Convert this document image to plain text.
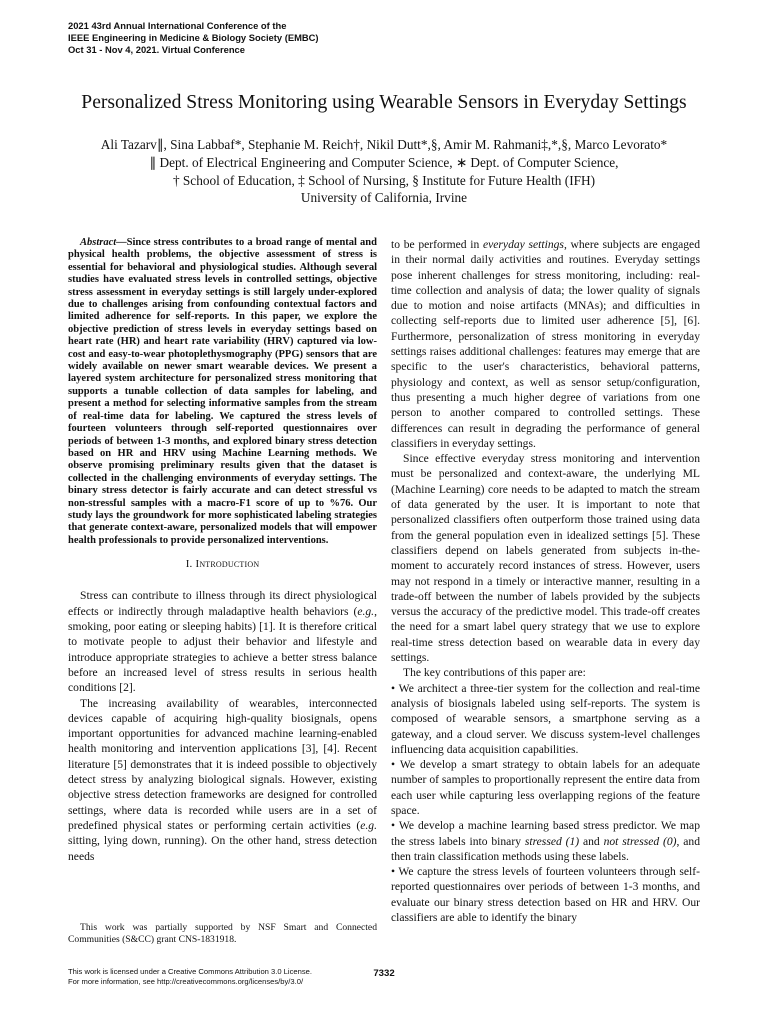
2021 43rd Annual International Conference of the
IEEE Engineering in Medicine & Biology Society (EMBC)
Oct 31 - Nov 4, 2021. Virtual Conference
Personalized Stress Monitoring using Wearable Sensors in Everyday Settings
Ali Tazarv∥, Sina Labbaf*, Stephanie M. Reich†, Nikil Dutt*,§, Amir M. Rahmani‡,*,§, Marco Levorato*
∥ Dept. of Electrical Engineering and Computer Science, ∗ Dept. of Computer Science,
† School of Education, ‡ School of Nursing, § Institute for Future Health (IFH)
University of California, Irvine

Abstract—Since stress contributes to a broad range of mental and physical health problems, the objective assessment of stress is essential for behavioral and physiological studies. Although several studies have evaluated stress levels in controlled settings, objective stress assessment in everyday settings is still largely under-explored due to challenges arising from confounding contextual factors and limited adherence for self-reports. In this paper, we explore the objective prediction of stress levels in everyday settings based on heart rate (HR) and heart rate variability (HRV) captured via low-cost and easy-to-wear photoplethysmography (PPG) sensors that are widely available on newer smart wearable devices. We present a layered system architecture for personalized stress monitoring that supports a tunable collection of data samples for labeling, and present a method for selecting informative samples from the stream of real-time data for labeling. We captured the stress levels of fourteen volunteers through self-reported questionnaires over periods of between 1-3 months, and explored binary stress detection based on HR and HRV using Machine Learning methods. We observe promising preliminary results given that the dataset is collected in the challenging environments of everyday settings. The binary stress detector is fairly accurate and can detect stressful vs non-stressful samples with a macro-F1 score of up to %76. Our study lays the groundwork for more sophisticated labeling strategies that generate context-aware, personalized models that will empower health professionals to provide personalized interventions.

I. Introduction

Stress can contribute to illness through its direct physiological effects or indirectly through maladaptive health behaviors (e.g., smoking, poor eating or sleeping habits) [1]. It is therefore critical to motivate people to adjust their behavior and lifestyle and introduce appropriate strategies to achieve a better stress balance before an increased level of stress results in serious health conditions [2].

The increasing availability of wearables, interconnected devices capable of acquiring high-quality biosignals, opens important opportunities for advanced machine learning-enabled health monitoring and intervention applications [3], [4]. Recent literature [5] demonstrates that it is indeed possible to objectively detect stress by analyzing biological signals. However, existing objective stress detection frameworks are designed for controlled settings, where data is recorded while users are in a set of predefined physical states or performing certain activities (e.g. sitting, lying down, running). On the other hand, stress detection needs

This work was partially supported by NSF Smart and Connected Communities (S&CC) grant CNS-1831918.

to be performed in everyday settings, where subjects are engaged in their normal daily activities and routines. Everyday settings pose inherent challenges for stress monitoring, including: real-time collection and analysis of data; the lower quality of signals due to motion and noise artifacts (MNAs); and difficulties in collecting self-reports due to limited user adherence [5], [6]. Furthermore, personalization of stress monitoring in everyday settings raises additional challenges: features may emerge that are specific to the user's characteristics, behavioral patterns, physiology and context, as well as sensor setup/configuration, thus presenting a much higher degree of variations from one person to another compared to controlled settings. These differences can result in degrading the performance of general classifiers in everyday settings.

Since effective everyday stress monitoring and intervention must be personalized and context-aware, the underlying ML (Machine Learning) core needs to be adapted to match the stream of data generated by the user. It is important to note that personalized classifiers often outperform those trained using data from the general population even in idealized settings [5]. These classifiers depend on labels generated from subjects in-the-moment to accurately record instances of stress. However, users may not respond in a timely or interactive manner, resulting in a trade-off between the number of labels provided by the subjects versus the accuracy of the predictive model. This trade-off creates the need for a smart label query strategy that we use to explore real-time stress detection based on wearable data in every day settings.

The key contributions of this paper are:

• We architect a three-tier system for the collection and real-time analysis of biosignals labeled using self-reports. The system is composed of wearable sensors, a smartphone serving as a gateway, and a cloud server. We discuss system-level challenges influencing data acquisition capabilities.

• We develop a smart strategy to obtain labels for an adequate number of samples to proportionally represent the entire data from each user while capturing less overlapping regions of the feature space.

• We develop a machine learning based stress predictor. We map the stress labels into binary stressed (1) and not stressed (0), and then train classification methods using these labels.

• We capture the stress levels of fourteen volunteers through self-reported questionnaires over periods of between 1-3 months, and evaluate our binary stress detection based on HR and HRV. Our classifiers are able to identify the binary

This work is licensed under a Creative Commons Attribution 3.0 License.
For more information, see http://creativecommons.org/licenses/by/3.0/
7332
